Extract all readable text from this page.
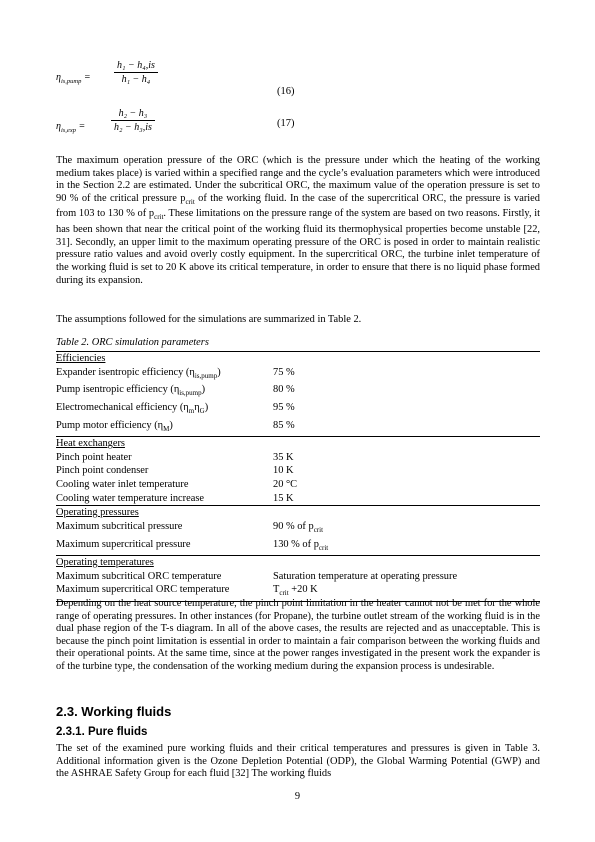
$\eta_{is,pump}$ =
h₁ − h₄,is
h₁ − h₄
(16)
$\eta_{is,exp}$ =
h₂ − h₃
h₂ − h₃,is	(17)
The maximum operation pressure of the ORC (which is the pressure under which the heating of the working medium takes place) is varied within a specified range and the cycle’s evaluation parameters which were introduced in the Section 2.2 are estimated. Under the subcritical ORC, the maximum value of the operation pressure is set to 90 % of the critical pressure $p_{crit}$ of the working fluid. In the case of the supercritical ORC, the pressure is varied from 103 to 130 % of $p_{crit}$. These limitations on the pressure range of the system are based on two reasons. Firstly, it has been shown that near the critical point of the working fluid its thermophysical properties become unstable [22, 31]. Secondly, an upper limit to the maximum operating pressure of the ORC is posed in order to maintain realistic pressure ratio values and avoid overly costly equipment. In the supercritical ORC, the turbine inlet temperature of the working fluid is set to 20 K above its critical temperature, in order to ensure that there is no liquid phase formed during its expansion.
The assumptions followed for the simulations are summarized in Table 2.
Table 2. ORC simulation parameters
Efficiencies	
Expander isentropic efficiency $(\eta_{is,pump})$	75 %
Pump isentropic efficiency $(\eta_{is,pump})$	80 %
Electromechanical efficiency $(\eta_m\eta_G)$	95 %
Pump motor efficiency $(\eta_M)$	85 %
Heat exchangers	
Pinch point heater	35 K
Pinch point condenser	10 K
Cooling water inlet temperature	20 °C
Cooling water temperature increase	15 K
Operating pressures	
Maximum subcritical pressure	90 % of $p_{crit}$
Maximum supercritical pressure	130 % of $p_{crit}$
Operating temperatures	
Maximum subcritical ORC temperature	Saturation temperature at operating pressure
Maximum supercritical ORC temperature	$T_{crit} +20$ K
Depending on the heat source temperature, the pinch point limitation in the heater cannot not be met for the whole range of operating pressures. In other instances (for Propane), the turbine outlet stream of the working fluid is in the dual phase region of the T-s diagram. In all of the above cases, the results are rejected and as unacceptable. This is because the pinch point limitation is essential in order to maintain a fair comparison between the working fluids and their operational points. At the same time, since at the power ranges investigated in the present work the expander is of the turbine type, the condensation of the working medium during the expansion process is undesirable.
2.3. Working fluids
2.3.1. Pure fluids
The set of the examined pure working fluids and their critical temperatures and pressures is given in Table 3. Additional information given is the Ozone Depletion Potential (ODP), the Global Warming Potential (GWP) and the ASHRAE Safety Group for each fluid [32] The working fluids
9
